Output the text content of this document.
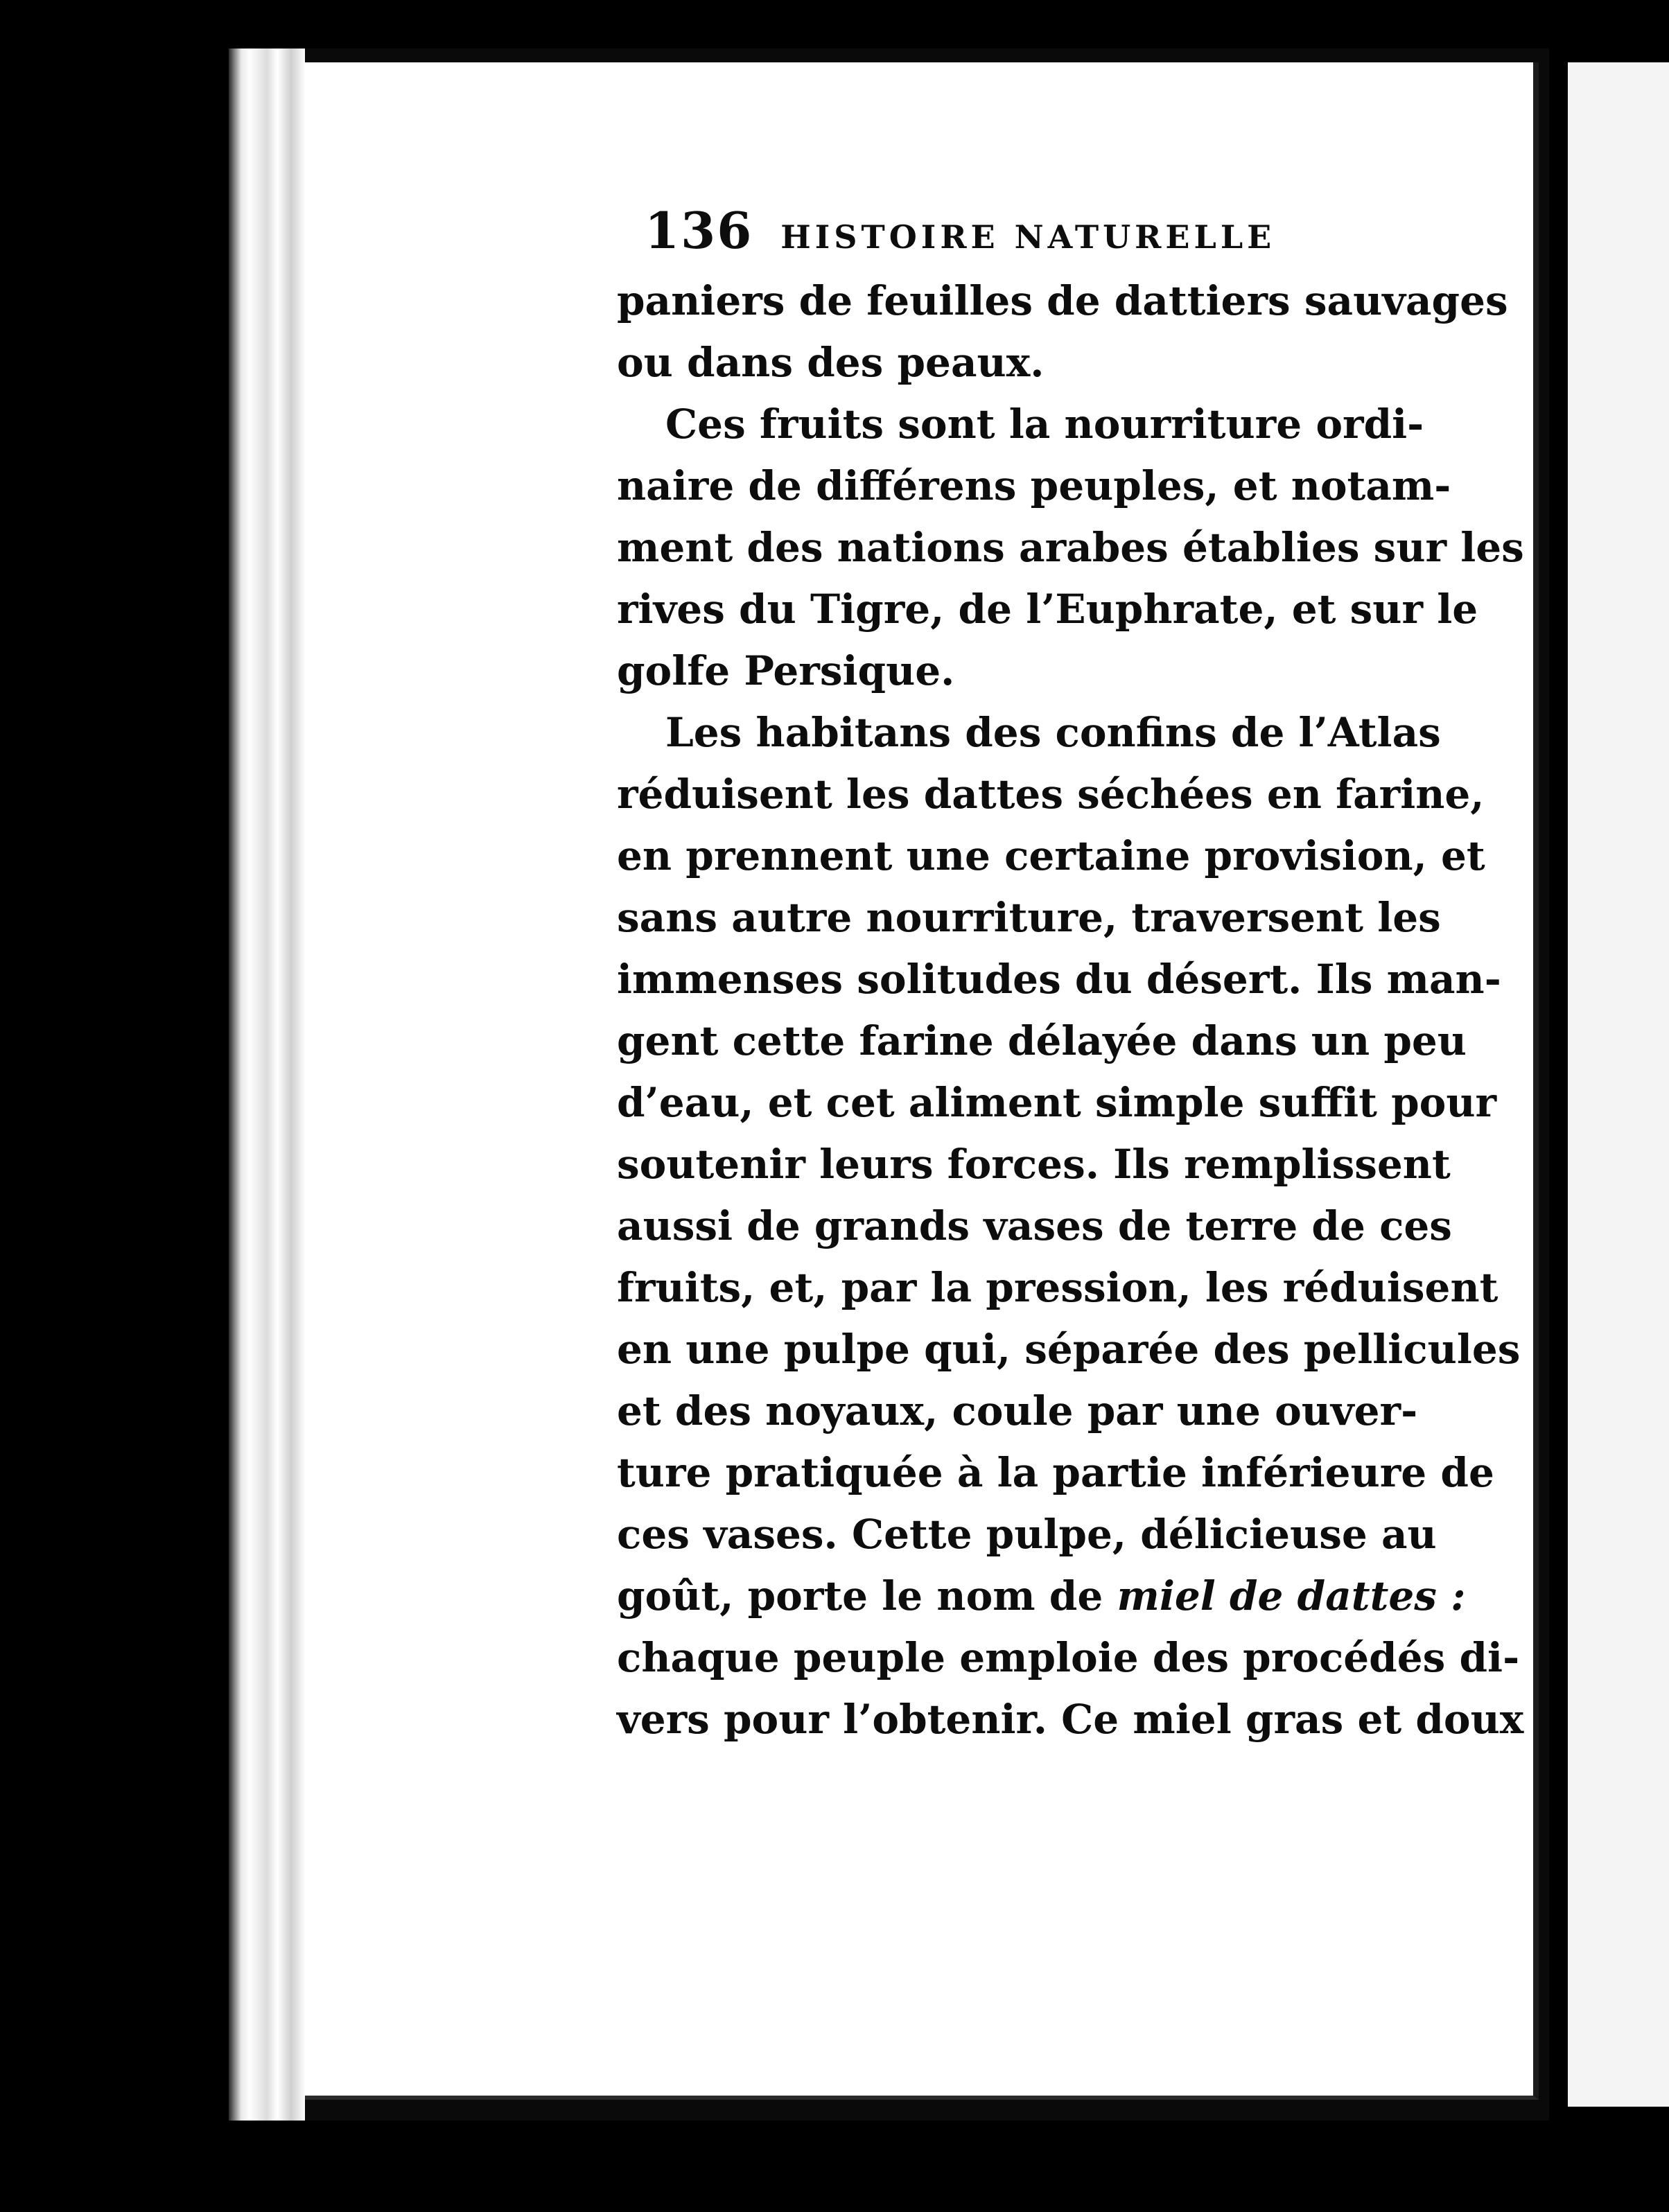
136 HISTOIRE NATURELLE
paniers de feuilles de dattiers sauvages
ou dans des peaux.
Ces fruits sont la nourriture ordi-
naire de différens peuples, et notam-
ment des nations arabes établies sur les
rives du Tigre, de l’Euphrate, et sur le
golfe Persique.
Les habitans des confins de l’Atlas
réduisent les dattes séchées en farine,
en prennent une certaine provision, et
sans autre nourriture, traversent les
immenses solitudes du désert. Ils man-
gent cette farine délayée dans un peu
d’eau, et cet aliment simple suffit pour
soutenir leurs forces. Ils remplissent
aussi de grands vases de terre de ces
fruits, et, par la pression, les réduisent
en une pulpe qui, séparée des pellicules
et des noyaux, coule par une ouver-
ture pratiquée à la partie inférieure de
ces vases. Cette pulpe, délicieuse au
goût, porte le nom de miel de dattes :
chaque peuple emploie des procédés di-
vers pour l’obtenir. Ce miel gras et doux
